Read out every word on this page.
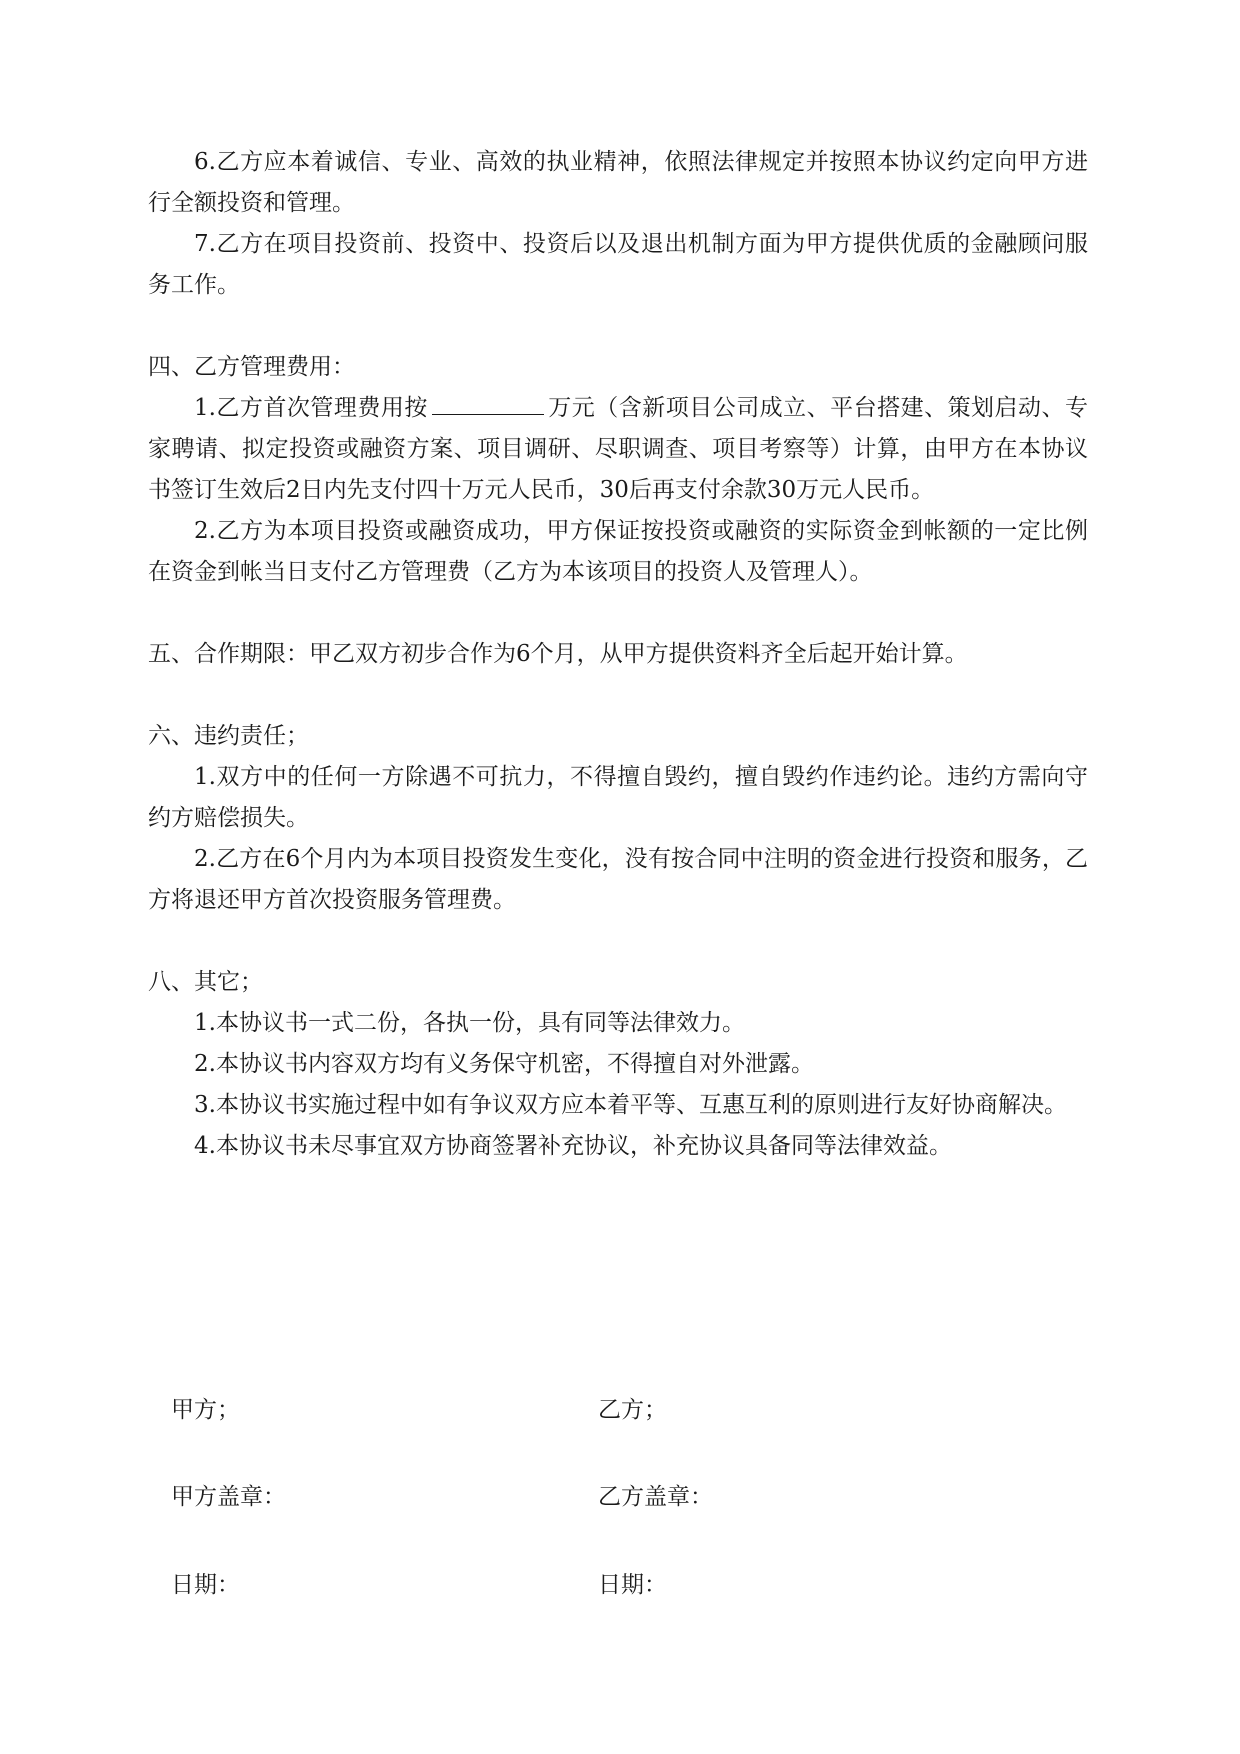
6.乙方应本着诚信、专业、高效的执业精神，依照法律规定并按照本协议约定向甲方进行全额投资和管理。

7.乙方在项目投资前、投资中、投资后以及退出机制方面为甲方提供优质的金融顾问服务工作。

四、乙方管理费用：

1.乙方首次管理费用按	万元（含新项目公司成立、平台搭建、策划启动、专家聘请、拟定投资或融资方案、项目调研、尽职调查、项目考察等）计算，由甲方在本协议书签订生效后2日内先支付四十万元人民币，30后再支付余款30万元人民币。

2.乙方为本项目投资或融资成功，甲方保证按投资或融资的实际资金到帐额的一定比例在资金到帐当日支付乙方管理费（乙方为本该项目的投资人及管理人）。

五、合作期限：甲乙双方初步合作为6个月，从甲方提供资料齐全后起开始计算。

六、违约责任；

1.双方中的任何一方除遇不可抗力，不得擅自毁约，擅自毁约作违约论。违约方需向守约方赔偿损失。

2.乙方在6个月内为本项目投资发生变化，没有按合同中注明的资金进行投资和服务，乙方将退还甲方首次投资服务管理费。

八、其它；

1.本协议书一式二份，各执一份，具有同等法律效力。

2.本协议书内容双方均有义务保守机密，不得擅自对外泄露。

3.本协议书实施过程中如有争议双方应本着平等、互惠互利的原则进行友好协商解决。

4.本协议书未尽事宜双方协商签署补充协议，补充协议具备同等法律效益。

甲方；	乙方；
甲方盖章：	乙方盖章：
日期：	日期：
